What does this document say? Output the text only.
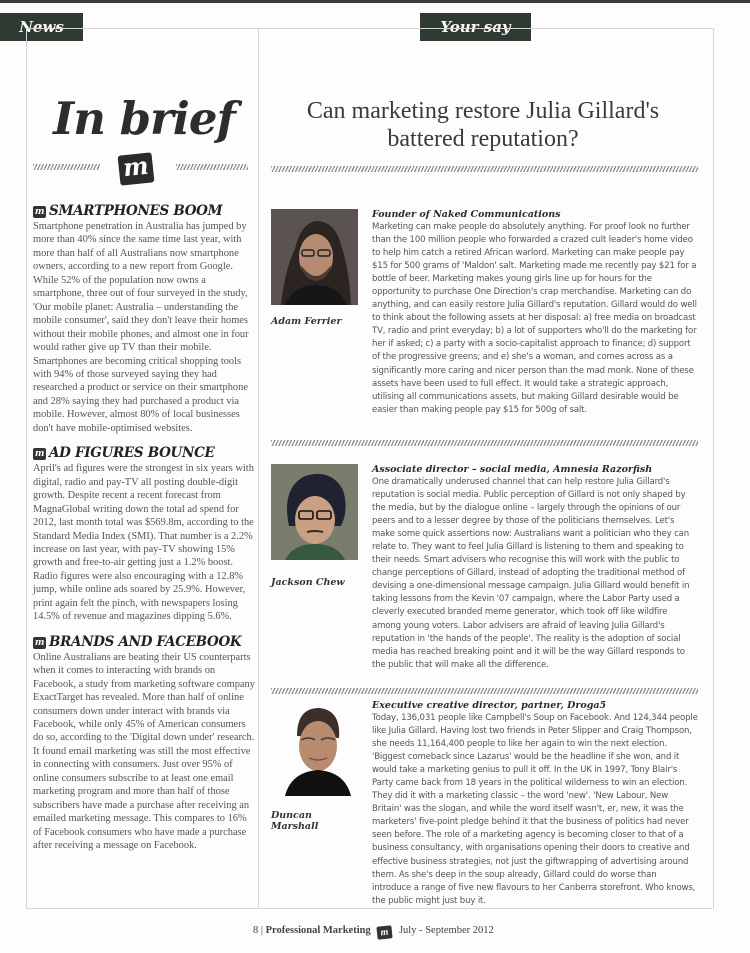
News	Your say
In brief
m
m SMARTPHONES BOOM

Smartphone penetration in Australia has jumped by more than 40% since the same time last year, with more than half of all Australians now smartphone owners, according to a new report from Google. While 52% of the population now owns a smartphone, three out of four surveyed in the study, 'Our mobile planet: Australia – understanding the mobile consumer', said they don't leave their homes without their mobile phones, and almost one in four would rather give up TV than their mobile. Smartphones are becoming critical shopping tools with 94% of those surveyed saying they had researched a product or service on their smartphone and 28% saying they had purchased a product via mobile. However, almost 80% of local businesses don't have mobile-optimised websites.

m AD FIGURES BOUNCE

April's ad figures were the strongest in six years with digital, radio and pay-TV all posting double-digit growth. Despite recent a recent forecast from MagnaGlobal writing down the total ad spend for 2012, last month total was $569.8m, according to the Standard Media Index (SMI). That number is a 2.2% increase on last year, with pay-TV showing 15% growth and free-to-air getting just a 1.2% boost. Radio figures were also encouraging with a 12.8% jump, while online ads soared by 25.9%. However, print again felt the pinch, with newspapers losing 14.5% of revenue and magazines dipping 5.6%.

m BRANDS AND FACEBOOK

Online Australians are beating their US counterparts when it comes to interacting with brands on Facebook, a study from marketing software company ExactTarget has revealed. More than half of online consumers down under interact with brands via Facebook, while only 45% of American consumers do so, according to the 'Digital down under' research. It found email marketing was still the most effective in connecting with consumers. Just over 95% of online consumers subscribe to at least one email marketing program and more than half of those subscribers have made a purchase after receiving an emailed marketing message. This compares to 16% of Facebook consumers who have made a purchase after receiving a message on Facebook.

Can marketing restore Julia Gillard's battered reputation?
Adam Ferrier
Founder of Naked Communications
Marketing can make people do absolutely anything. For proof look no further than the 100 million people who forwarded a crazed cult leader's home video to help him catch a retired African warlord. Marketing can make people pay $15 for 500 grams of 'Maldon' salt. Marketing made me recently pay $21 for a bottle of beer. Marketing makes young girls line up for hours for the opportunity to purchase One Direction's crap merchandise. Marketing can do anything, and can easily restore Julia Gillard's reputation. Gillard would do well to think about the following assets at her disposal: a) free media on broadcast TV, radio and print everyday; b) a lot of supporters who'll do the marketing for her if asked; c) a party with a socio-capitalist approach to finance; d) support of the progressive greens; and e) she's a woman, and comes across as a significantly more caring and nicer person than the mad monk. None of these assets have been used to full effect. It would take a strategic approach, utilising all communications assets, but making Gillard desirable would be easier than making people pay $15 for 500g of salt.
Jackson Chew
Associate director – social media, Amnesia Razorfish
One dramatically underused channel that can help restore Julia Gillard's reputation is social media. Public perception of Gillard is not only shaped by the media, but by the dialogue online – largely through the opinions of our peers and to a lesser degree by those of the politicians themselves. Let's make some quick assertions now: Australians want a politician who they can relate to. They want to feel Julia Gillard is listening to them and speaking to their needs. Smart advisers who recognise this will work with the public to change perceptions of Gillard, instead of adopting the traditional method of devising a one-dimensional message campaign. Julia Gillard would benefit in taking lessons from the Kevin '07 campaign, where the Labor Party used a cleverly executed branded meme generator, which took off like wildfire among young voters. Labor advisers are afraid of leaving Julia Gillard's reputation in 'the hands of the people'. The reality is the adoption of social media has reached breaking point and it will be the way Gillard responds to the public that will make all the difference.
Duncan Marshall
Executive creative director, partner, Droga5
Today, 136,031 people like Campbell's Soup on Facebook. And 124,344 people like Julia Gillard. Having lost two friends in Peter Slipper and Craig Thompson, she needs 11,164,400 people to like her again to win the next election. 'Biggest comeback since Lazarus' would be the headline if she won, and it would take a marketing genius to pull it off. In the UK in 1997, Tony Blair's Party came back from 18 years in the political wilderness to win an election. They did it with a marketing classic – the word 'new'. 'New Labour, New Britain' was the slogan, and while the word itself wasn't, er, new, it was the marketers' five-point pledge behind it that the business of politics had never seen before. The role of a marketing agency is becoming closer to that of a business consultancy, with organisations opening their doors to creative and effective business strategies, not just the giftwrapping of advertising around them. As she's deep in the soup already, Gillard could do worse than introduce a range of five new flavours to her Canberra storefront. Who knows, the public might just buy it.
8 | Professional Marketing m July - September 2012
